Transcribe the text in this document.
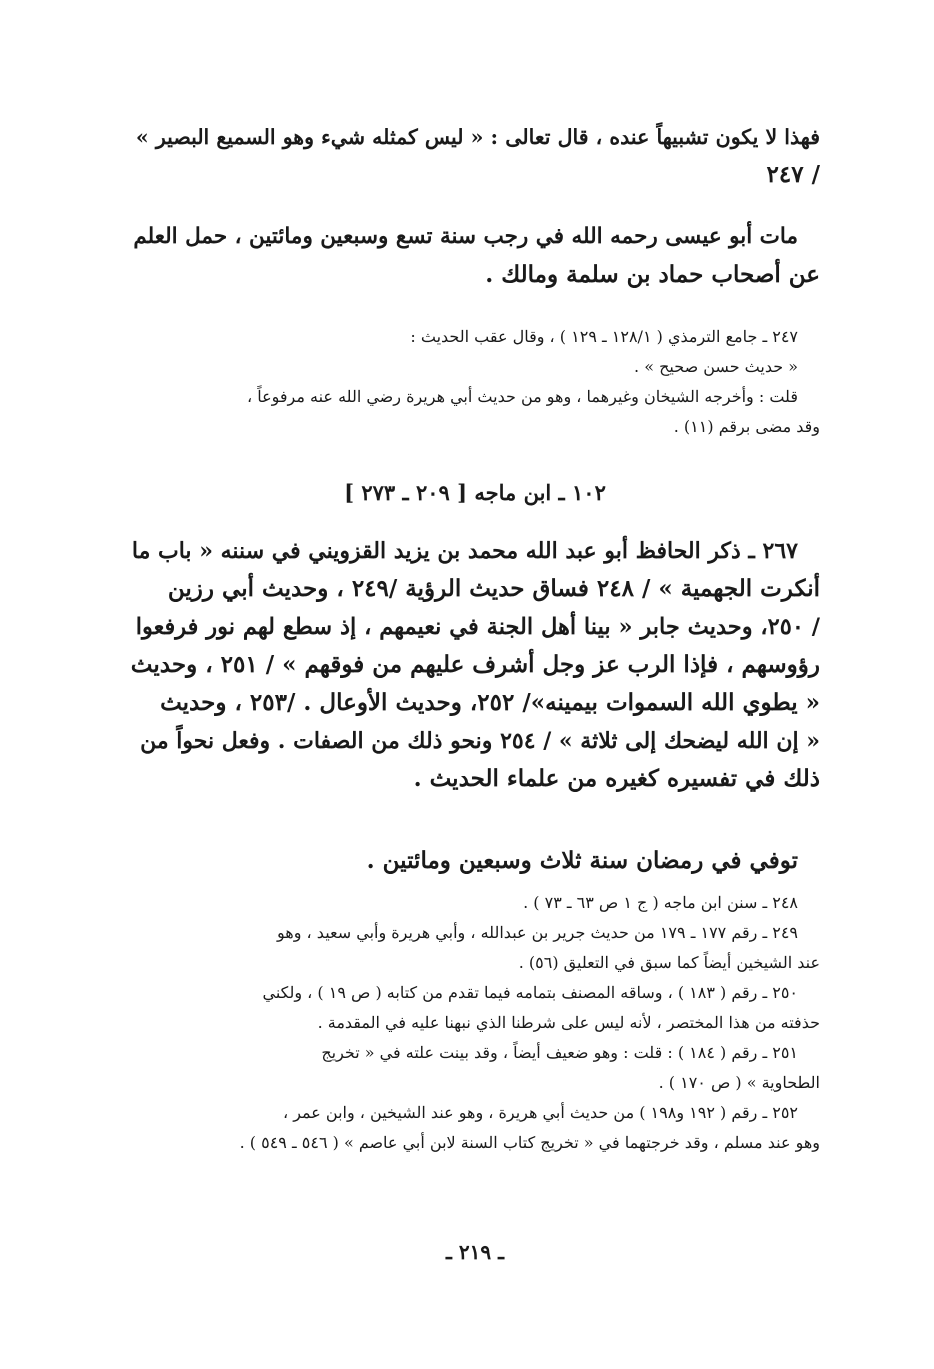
فهذا لا يكون تشبيهاً عنده ، قال تعالى : « ليس كمثله شيء وهو السميع البصير »
/ ٢٤٧
مات أبو عيسى رحمه الله في رجب سنة تسع وسبعين ومائتين ، حمل العلم
عن أصحاب حماد بن سلمة ومالك .
٢٤٧ ـ جامع الترمذي ( ١٢٨/١ ـ ١٢٩ ) ، وقال عقب الحديث :
« حديث حسن صحيح » .
قلت : وأخرجه الشيخان وغيرهما ، وهو من حديث أبي هريرة رضي الله عنه مرفوعاً ،
وقد مضى برقم (١١) .
١٠٢ ـ ابن ماجه [ ٢٠٩ ـ ٢٧٣ ]
٢٦٧ ـ ذكر الحافظ أبو عبد الله محمد بن يزيد القزويني في سننه « باب ما
أنكرت الجهمية » / ٢٤٨ فساق حديث الرؤية /٢٤٩ ، وحديث أبي رزين
/ ٢٥٠، وحديث جابر « بينا أهل الجنة في نعيمهم ، إذ سطع لهم نور فرفعوا
رؤوسهم ، فإذا الرب عز وجل أشرف عليهم من فوقهم » / ٢٥١ ، وحديث
« يطوي الله السموات بيمينه»/ ٢٥٢، وحديث الأوعال . /٢٥٣ ، وحديث
« إن الله ليضحك إلى ثلاثة » / ٢٥٤ ونحو ذلك من الصفات . وفعل نحواً من
ذلك في تفسيره كغيره من علماء الحديث .
توفي في رمضان سنة ثلاث وسبعين ومائتين .
٢٤٨ ـ سنن ابن ماجه ( ج ١ ص ٦٣ ـ ٧٣ ) .
٢٤٩ ـ رقم ١٧٧ ـ ١٧٩ من حديث جرير بن عبدالله ، وأبي هريرة وأبي سعيد ، وهو
عند الشيخين أيضاً كما سبق في التعليق (٥٦) .
٢٥٠ ـ رقم ( ١٨٣ ) ، وساقه المصنف بتمامه فيما تقدم من كتابه ( ص ١٩ ) ، ولكني
حذفته من هذا المختصر ، لأنه ليس على شرطنا الذي نبهنا عليه في المقدمة .
٢٥١ ـ رقم ( ١٨٤ ) : قلت : وهو ضعيف أيضاً ، وقد بينت علته في « تخريج
الطحاوية » ( ص ١٧٠ ) .
٢٥٢ ـ رقم ( ١٩٢ و١٩٨ ) من حديث أبي هريرة ، وهو عند الشيخين ، وابن عمر ،
وهو عند مسلم ، وقد خرجتهما في « تخريج كتاب السنة لابن أبي عاصم » ( ٥٤٦ ـ ٥٤٩ ) .
ـ ٢١٩ ـ
